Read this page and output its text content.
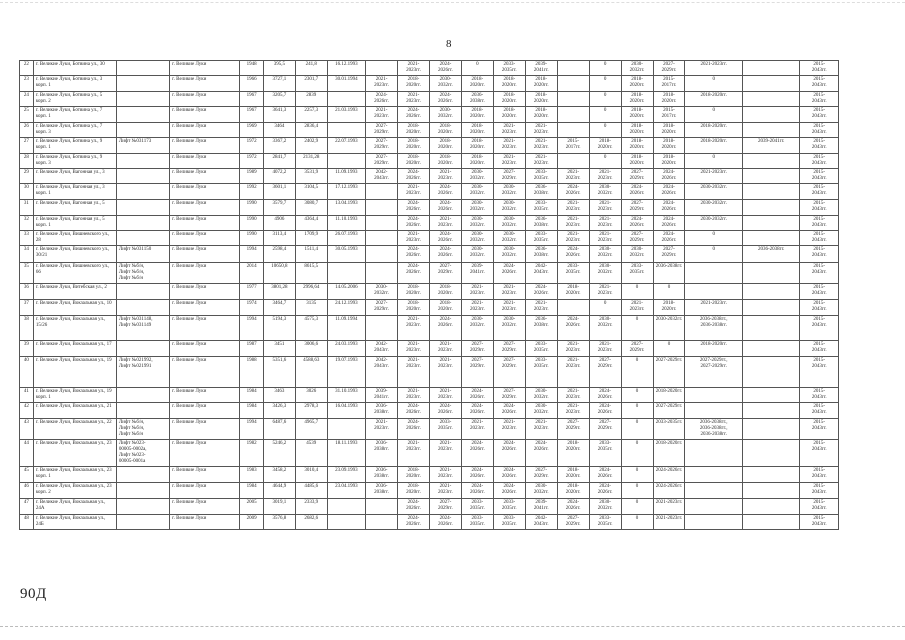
8
22	г. Великие Луки, Ботвина ул., 30		г. Великие Луки	1948	395,5	241,8	16.12.1993		2021-
2023гг.	2024-
2026гг.	0	2033-
2035гг.	2039-
2041гг.		0	2030-
2032гг.	2027-
2029гг.	2021-2023гг.		2015-
2043гг.
23	г. Великие Луки, Ботвина ул., 3 корп. 1		г. Великие Луки	1966	3727,1	2301,7	30.01.1994	2021-
2023гг.	2018-
2020гг.	2030-
2032гг.	2018-
2020гг.	2018-
2020гг.	2018-
2020гг.		0	2018-
2020гг.	2015-
2017гг.	0		2015-
2043гг.
24	г. Великие Луки, Ботвина ул., 5 корп. 2		г. Великие Луки	1967	3205,7	2839		2024-
2026гг.	2021-
2023гг.	2024-
2026гг.	2036-
2038гг.	2018-
2020гг.	2018-
2020гг.		0	2018-
2020гг.	2018-
2020гг.	2018-2020гг.		2015-
2043гг.
25	г. Великие Луки, Ботвина ул., 7 корп. 1		г. Великие Луки	1967	3641,3	2257,3	21.03.1993	2021-
2023гг.	2024-
2026гг.	2030-
2032гг.	2018-
2020гг.	2018-
2020гг.	2018-
2020гг.		0	2018-
2020гг.	2015-
2017гг.	0		2015-
2043гг.
26	г. Великие Луки, Ботвина ул., 7 корп. 3		г. Великие Луки	1969	3464	2836,4		2027-
2029гг.	2018-
2020гг.	2018-
2020гг.	2018-
2020гг.	2021-
2023гг.	2021-
2023гг.		0	2018-
2020гг.	2018-
2020гг.	2018-2020гг.		2015-
2043гг.
27	г. Великие Луки, Ботвина ул., 9 корп. 1	Лифт №031173	г. Великие Луки	1972	3367,2	2402,9	22.07.1993	2027-
2029гг.	2018-
2020гг.	2018-
2020гг.	2018-
2020гг.	2021-
2023гг.	2021-
2023гг.	2015-
2017гг.	2018-
2020гг.	2018-
2020гг.	2018-
2020гг.	2018-2020гг.	2039-2041гг.	2015-
2043гг.
28	г. Великие Луки, Ботвина ул., 9 корп. 3		г. Великие Луки	1972	2841,7	2131,28		2027-
2029гг.	2018-
2020гг.	2018-
2020гг.	2018-
2020гг.	2021-
2023гг.	2021-
2023гг.		0	2018-
2020гг.	2018-
2020гг.	0		2015-
2043гг.
29	г. Великие Луки, Вагонная ул., 3		г. Великие Луки	1989	4072,2	3531,9	11.09.1993	2042-
2043гг.	2024-
2026гг.	2021-
2023гг.	2030-
2032гг.	2027-
2029гг.	2033-
2035гг.	2021-
2023гг.	2021-
2023гг.	2027-
2029гг.	2024-
2026гг.	2021-2023гг.		2015-
2043гг.
30	г. Великие Луки, Вагонная ул., 3 корп. 1		г. Великие Луки	1992	3601,1	3104,5	17.12.1993		2021-
2023гг.	2024-
2026гг.	2030-
2032гг.	2030-
2032гг.	2036-
2038гг.	2024-
2026гг.	2030-
2032гг.	2024-
2026гг.	2024-
2026гг.	2030-2032гг.		2015-
2043гг.
31	г. Великие Луки, Вагонная ул., 5		г. Великие Луки	1990	3579,7	3080,7	13.04.1993		2024-
2026гг.	2024-
2026гг.	2030-
2032гг.	2030-
2032гг.	2033-
2035гг.	2021-
2023гг.	2021-
2023гг.	2027-
2029гг.	2024-
2026гг.	2030-2032гг.		2015-
2043гг.
32	г. Великие Луки, Вагонная ул., 5 корп. 1		г. Великие Луки	1990	4906	4364,4	11.10.1993		2024-
2026гг.	2021-
2023гг.	2030-
2032гг.	2030-
2032гг.	2036-
2038гг.	2021-
2023гг.	2021-
2023гг.	2024-
2026гг.	2024-
2026гг.	2030-2032гг.		2015-
2043гг.
33	г. Великие Луки, Вишневского ул., 28		г. Великие Луки	1990	3113,4	1709,9	26.07.1993		2021-
2023гг.	2024-
2026гг.	2030-
2032гг.	2030-
2032гг.	2033-
2035гг.	2021-
2023гг.	2021-
2023гг.	2027-
2029гг.	2024-
2026гг.	0		2015-
2043гг.
34	г. Великие Луки, Вишневского ул., 30/21	Лифт №031150	г. Великие Луки	1994	2598,4	1511,4	30.05.1993		2024-
2026гг.	2024-
2026гг.	2030-
2032гг.	2030-
2032гг.	2036-
2038гг.	2024-
2026гг.	2030-
2032гг.	2030-
2032гг.	2027-
2029гг.	0	2036-2038гг.	2015-
2043гг.
35	г. Великие Луки, Вишневского ул., 66	Лифт №б/н,
Лифт №б/н,
Лифт №б/н	г. Великие Луки	2014	10650,8	8615,5			2024-
2026гг.	2027-
2029гг.	2039-
2041гг.	2024-
2026гг.	2042-
2043гг.	2033-
2035гг.	2030-
2032гг.	2033-
2035гг.	2036-2038гг.			2015-
2043гг.
36	г. Великие Луки, Витебская ул., 2		г. Великие Луки	1977	3801,28	2996,64	14.05.2006	2030-
2032гг.	2018-
2020гг.	2018-
2020гг.	2021-
2023гг.	2021-
2023гг.	2024-
2026гг.	2018-
2020гг.	2021-
2023гг.	0	0			2015-
2043гг.
37	г. Великие Луки, Вокзальная ул., 10		г. Великие Луки	1974	3464,7	3135	24.12.1993	2027-
2029гг.	2018-
2020гг.	2018-
2020гг.	2021-
2023гг.	2021-
2023гг.	2021-
2023гг.		0	2021-
2023гг.	2018-
2020гг.	2021-2023гг.		2015-
2043гг.
38	г. Великие Луки, Вокзальная ул., 15/26	Лифт №031148,
Лифт №031149	г. Великие Луки	1994	5194,3	4575,3	11.09.1994		2021-
2023гг.	2024-
2026гг.	2030-
2032гг.	2030-
2032гг.	2036-
2038гг.	2024-
2026гг.	2030-
2032гг.	0	2030-2032гг.	2036-2038гг.,
2036-2038гг.		2015-
2043гг.
39	г. Великие Луки, Вокзальная ул., 17		г. Великие Луки	1987	3451	3006,6	24.03.1993	2042-
2043гг.	2021-
2023гг.	2021-
2023гг.	2027-
2029гг.	2027-
2029гг.	2033-
2035гг.	2021-
2023гг.	2021-
2023гг.	2027-
2029гг.	0	2018-2020гг.		2015-
2043гг.
40	г. Великие Луки, Вокзальная ул., 19	Лифт №021992,
Лифт №021991	г. Великие Луки	1988	5351,6	4588,63	19.07.1993	2042-
2043гг.	2021-
2023гг.	2021-
2023гг.	2027-
2029гг.	2027-
2029гг.	2033-
2035гг.	2021-
2023гг.	2027-
2029гг.	0	2027-2029гг.	2027-2029гг.,
2027-2029гг.		2015-
2043гг.
41	г. Великие Луки, Вокзальная ул., 19 корп. 1		г. Великие Луки	1984	3463	3026	31.10.1993	2039-
2041гг.	2021-
2023гг.	2021-
2023гг.	2024-
2026гг.	2027-
2029гг.	2030-
2032гг.	2021-
2023гг.	2024-
2026гг.	0	2018-2020гг.			2015-
2043гг.
42	г. Великие Луки, Вокзальная ул., 21		г. Великие Луки	1984	3426,3	2978,3	16.04.1993	2036-
2038гг.	2024-
2026гг.	2024-
2026гг.	2024-
2026гг.	2024-
2026гг.	2030-
2032гг.	2021-
2023гг.	2024-
2026гг.	0	2027-2029гг.			2015-
2043гг.
43	г. Великие Луки, Вокзальная ул., 22	Лифт №б/н,
Лифт №б/н,
Лифт №б/н	г. Великие Луки	1994	6487,6	4965,7		2021-
2023гг.	2024-
2026гг.	2033-
2035гг.	2021-
2023гг.	2021-
2023гг.	2021-
2023гг.	2027-
2029гг.	2027-
2029гг.	0	2033-2035гг.	2036-2038гг.,
2036-2038гг.,
2036-2038гг.		2015-
2043гг.
44	г. Великие Луки, Вокзальная ул., 23	Лифт №023-
00005-0002а,
Лифт №023-
00005-0001а	г. Великие Луки	1982	5246,2	4539	18.11.1993	2036-
2038гг.	2021-
2023гг.	2021-
2023гг.	2024-
2026гг.	2024-
2026гг.	2024-
2026гг.	2018-
2020гг.	2033-
2035гг.	0	2018-2020гг.			2015-
2043гг.
45	г. Великие Луки, Вокзальная ул., 23 корп. 1		г. Великие Луки	1983	3458,2	3010,4	23.09.1993	2036-
2038гг.	2018-
2020гг.	2021-
2023гг.	2024-
2026гг.	2024-
2026гг.	2027-
2029гг.	2018-
2020гг.	2024-
2026гг.	0	2024-2026гг.			2015-
2043гг.
46	г. Великие Луки, Вокзальная ул., 23 корп. 2		г. Великие Луки	1984	4644,9	4485,6	23.04.1993	2036-
2038гг.	2018-
2020гг.	2021-
2023гг.	2024-
2026гг.	2024-
2026гг.	2030-
2032гг.	2018-
2020гг.	2024-
2026гг.	0	2024-2026гг.			2015-
2043гг.
47	г. Великие Луки, Вокзальная ул., 24А		г. Великие Луки	2005	3019,1	2333,9			2024-
2026гг.	2027-
2029гг.	2033-
2035гг.	2033-
2035гг.	2039-
2041гг.	2024-
2026гг.	2030-
2032гг.	0	2021-2023гг.			2015-
2043гг.
48	г. Великие Луки, Вокзальная ул., 24Б		г. Великие Луки	2009	3576,8	2682,6			2024-
2026гг.	2024-
2026гг.	2033-
2035гг.	2033-
2035гг.	2042-
2043гг.	2027-
2029гг.	2033-
2035гг.	0	2021-2023гг.			2015-
2043гг.
90Д
